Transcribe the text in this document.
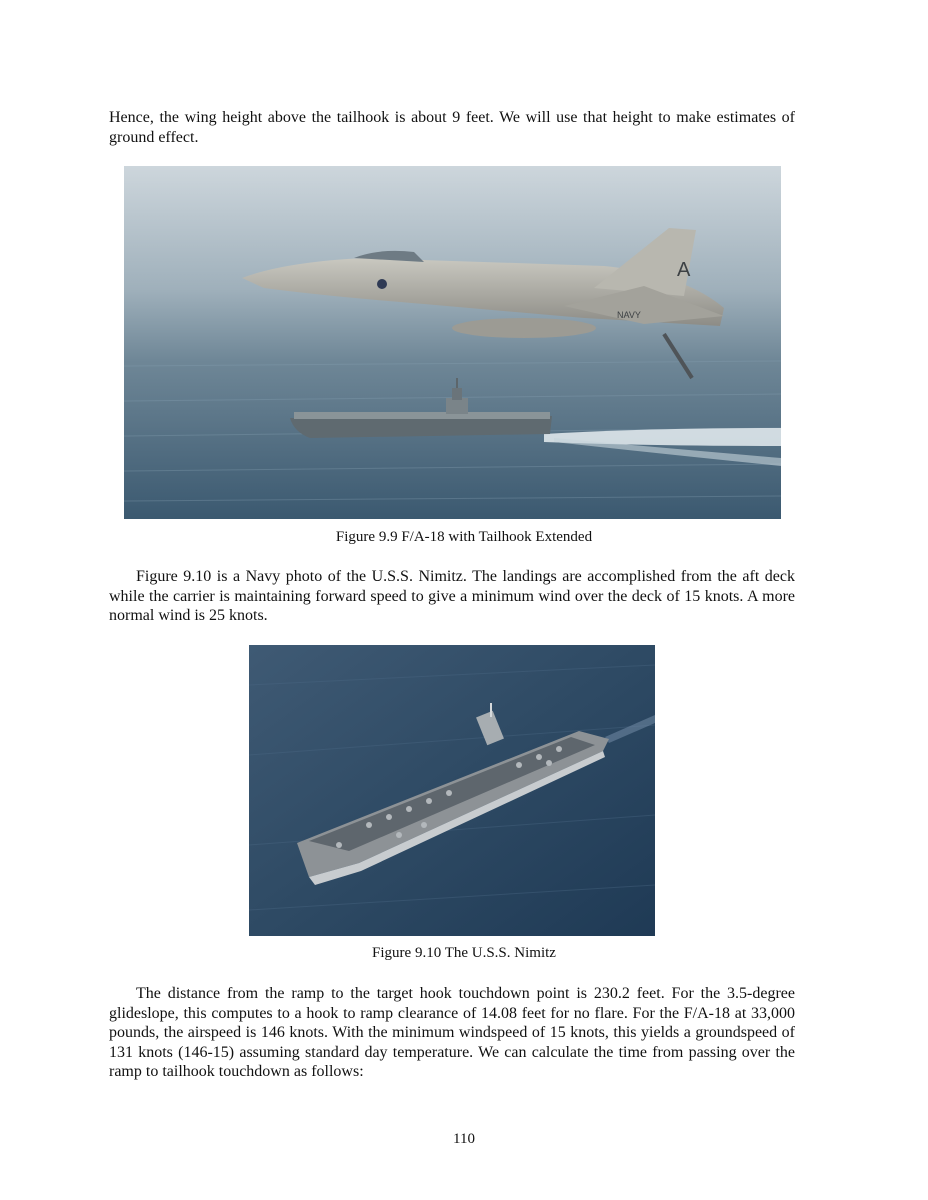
Hence, the wing height above the tailhook is about 9 feet. We will use that height to make estimates of ground effect.

A
NAVY

Figure 9.9 F/A-18 with Tailhook Extended

Figure 9.10 is a Navy photo of the U.S.S. Nimitz. The landings are accomplished from the aft deck while the carrier is maintaining forward speed to give a minimum wind over the deck of 15 knots. A more normal wind is 25 knots.

Figure 9.10 The U.S.S. Nimitz

The distance from the ramp to the target hook touchdown point is 230.2 feet. For the 3.5-degree glideslope, this computes to a hook to ramp clearance of 14.08 feet for no flare. For the F/A-18 at 33,000 pounds, the airspeed is 146 knots. With the minimum windspeed of 15 knots, this yields a groundspeed of 131 knots (146-15) assuming standard day temperature. We can calculate the time from passing over the ramp to tailhook touchdown as follows:

110
